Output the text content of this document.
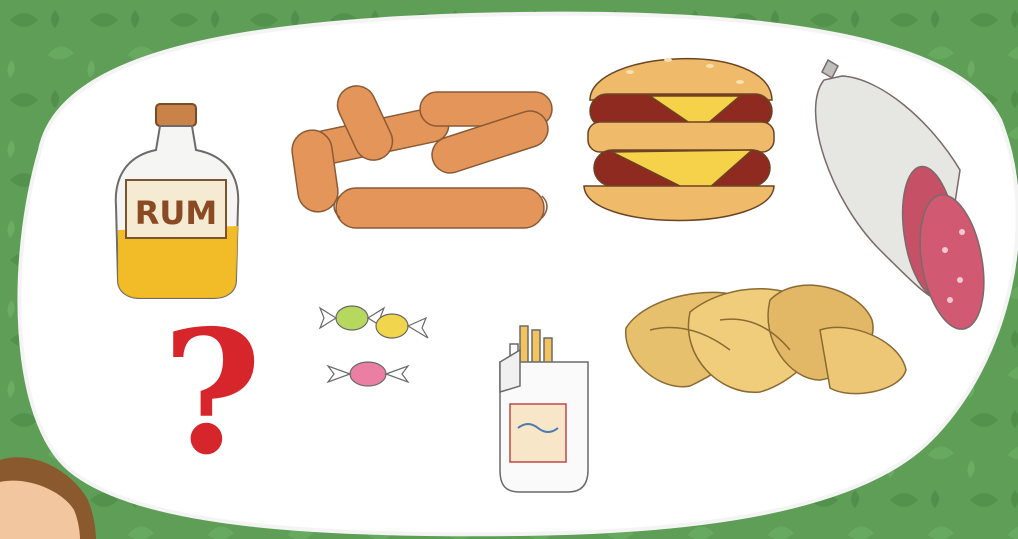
RUM
?
